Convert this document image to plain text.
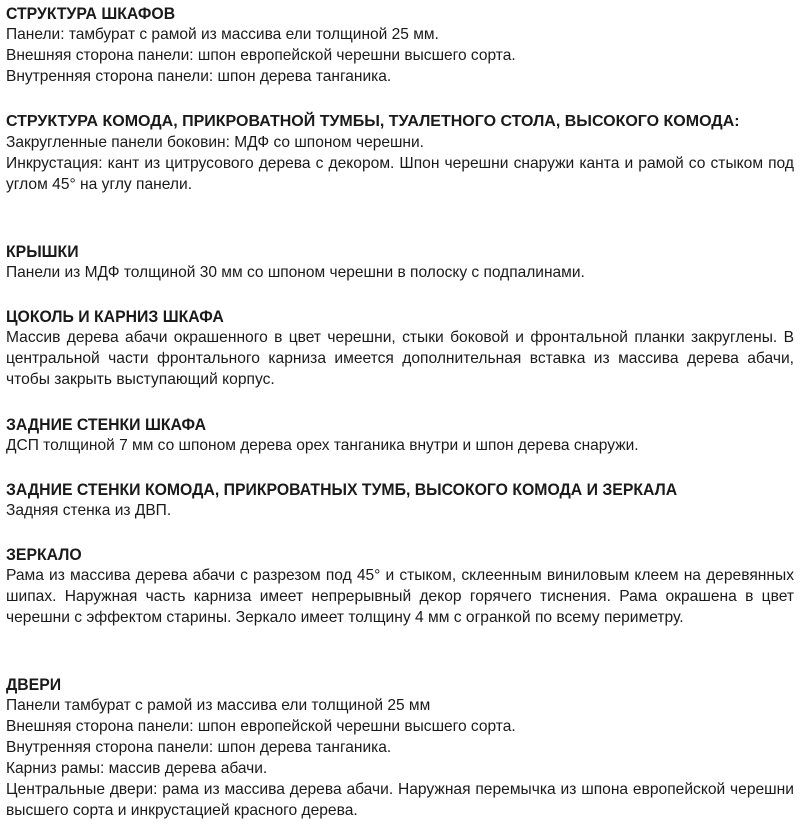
СТРУКТУРА ШКАФОВ

Панели: тамбурат с рамой из массива ели толщиной 25 мм.

Внешняя сторона панели: шпон европейской черешни высшего сорта.

Внутренняя сторона панели: шпон дерева танганика.

СТРУКТУРА КОМОДА, ПРИКРОВАТНОЙ ТУМБЫ, ТУАЛЕТНОГО СТОЛА, ВЫСОКОГО КОМОДА:

Закругленные панели боковин: МДФ со шпоном черешни.

Инкрустация: кант из цитрусового дерева с декором. Шпон черешни снаружи канта и рамой со стыком под углом 45° на углу панели.

КРЫШКИ

Панели из МДФ толщиной 30 мм со шпоном черешни в полоску с подпалинами.

ЦОКОЛЬ И КАРНИЗ ШКАФА

Массив дерева абачи окрашенного в цвет черешни, стыки боковой и фронтальной планки закруглены. В центральной части фронтального карниза имеется дополнительная вставка из массива дерева абачи, чтобы закрыть выступающий корпус.

ЗАДНИЕ СТЕНКИ ШКАФА

ДСП толщиной 7 мм со шпоном дерева орех танганика внутри и шпон дерева снаружи.

ЗАДНИЕ СТЕНКИ КОМОДА, ПРИКРОВАТНЫХ ТУМБ, ВЫСОКОГО КОМОДА И ЗЕРКАЛА

Задняя стенка из ДВП.

ЗЕРКАЛО

Рама из массива дерева абачи с разрезом под 45° и стыком, склеенным виниловым клеем на деревянных шипах. Наружная часть карниза имеет непрерывный декор горячего тиснения. Рама окрашена в цвет черешни с эффектом старины. Зеркало имеет толщину 4 мм с огранкой по всему периметру.

ДВЕРИ

Панели тамбурат с рамой из массива ели толщиной 25 мм

Внешняя сторона панели: шпон европейской черешни высшего сорта.

Внутренняя сторона панели: шпон дерева танганика.

Карниз рамы: массив дерева абачи.

Центральные двери: рама из массива дерева абачи. Наружная перемычка из шпона европейской черешни высшего сорта и инкрустацией красного дерева.
